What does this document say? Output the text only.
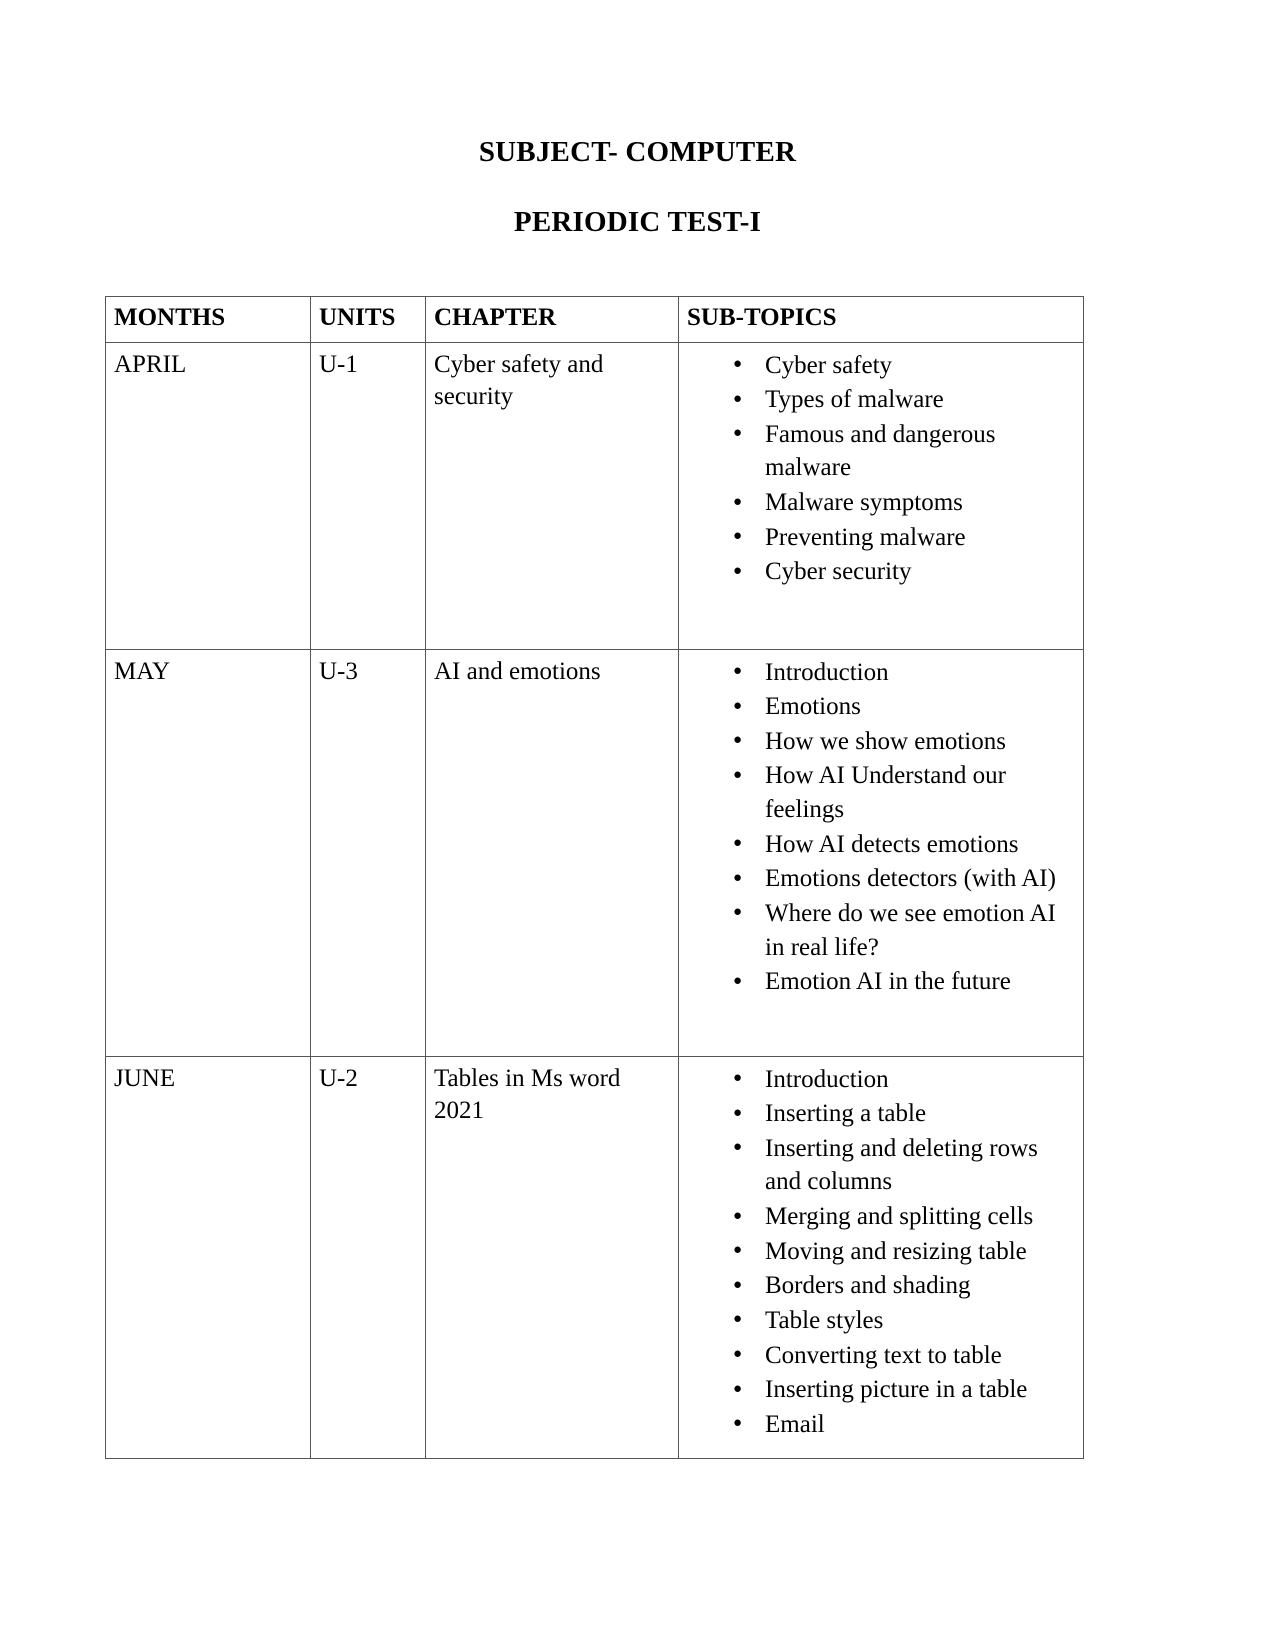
SUBJECT- COMPUTER
PERIODIC TEST-I
MONTHS	UNITS	CHAPTER	SUB-TOPICS

APRIL	U-1	Cyber safety and security

● Cyber safety
● Types of malware
● Famous and dangerous malware
● Malware symptoms
● Preventing malware
● Cyber security

MAY	U-3	AI and emotions

●Introduction
● Emotions
● How we show emotions
● How AI Understand our feelings
● How AI detects emotions
● Emotions detectors (with AI)
● Where do we see emotion AI in real life?
● Emotion AI in the future

JUNE	U-2	Tables in Ms word 2021

● Introduction
● Inserting a table
● Inserting and deleting rows and columns
● Merging and splitting cells
● Moving and resizing table
● Borders and shading
● Table styles
● Converting text to table
● Inserting picture in a table
● Email
